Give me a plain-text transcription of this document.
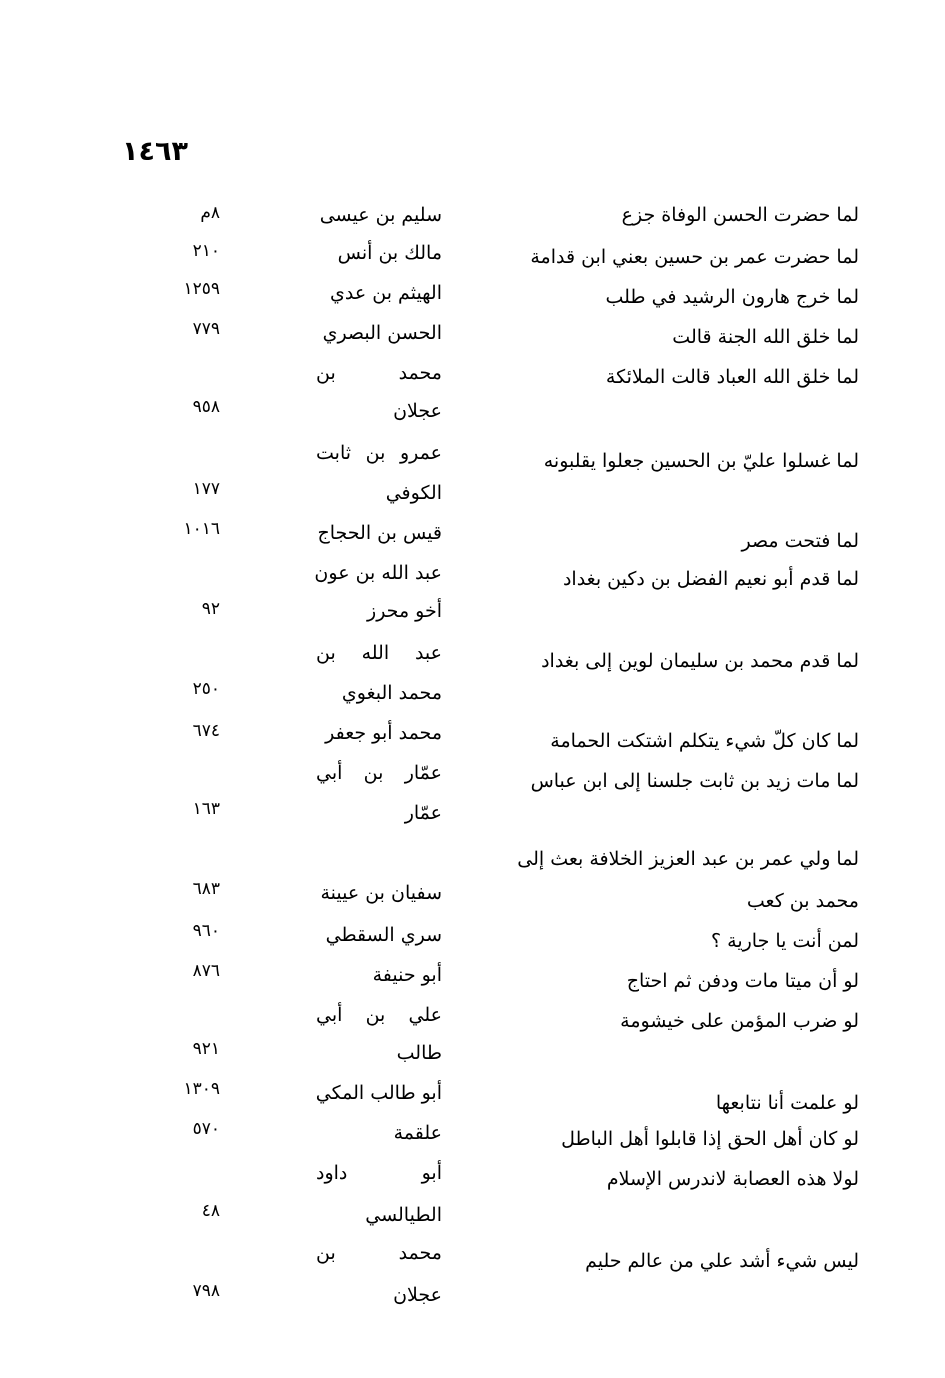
١٤٦٣
لما حضرت الحسن الوفاة جزع
سليم بن عيسى
٨م
لما حضرت عمر بن حسين بعني ابن قدامة
مالك بن أنس
٢١٠
لما خرج هارون الرشيد في طلب
الهيثم بن عدي
١٢٥٩
لما خلق الله الجنة قالت
الحسن البصري
٧٧٩
لما خلق الله العباد قالت الملائكة
محمد بن
عجلان
٩٥٨
لما غسلوا عليّ بن الحسين جعلوا يقلبونه
عمرو بن ثابت
الكوفي
١٧٧
لما فتحت مصر
قيس بن الحجاج
١٠١٦
لما قدم أبو نعيم الفضل بن دكين بغداد
عبد الله بن عون
أخو محرز
٩٢
لما قدم محمد بن سليمان لوين إلى بغداد
عبد الله بن
محمد البغوي
٢٥٠
لما كان كلّ شيء يتكلم اشتكت الحمامة
محمد أبو جعفر
٦٧٤
لما مات زيد بن ثابت جلسنا إلى ابن عباس
عمّار بن أبي
عمّار
١٦٣
لما ولي عمر بن عبد العزيز الخلافة بعث إلى
محمد بن كعب
سفيان بن عيينة
٦٨٣
لمن أنت يا جارية ؟
سري السقطي
٩٦٠
لو أن ميتا مات ودفن ثم احتاج
أبو حنيفة
٨٧٦
لو ضرب المؤمن على خيشومة
علي بن أبي
طالب
٩٢١
لو علمت أنا نتابعها
أبو طالب المكي
١٣٠٩
لو كان أهل الحق إذا قابلوا أهل الباطل
علقمة
٥٧٠
لولا هذه العصابة لاندرس الإسلام
أبو داود
الطيالسي
٤٨
ليس شيء أشد علي من عالم حليم
محمد بن
عجلان
٧٩٨
